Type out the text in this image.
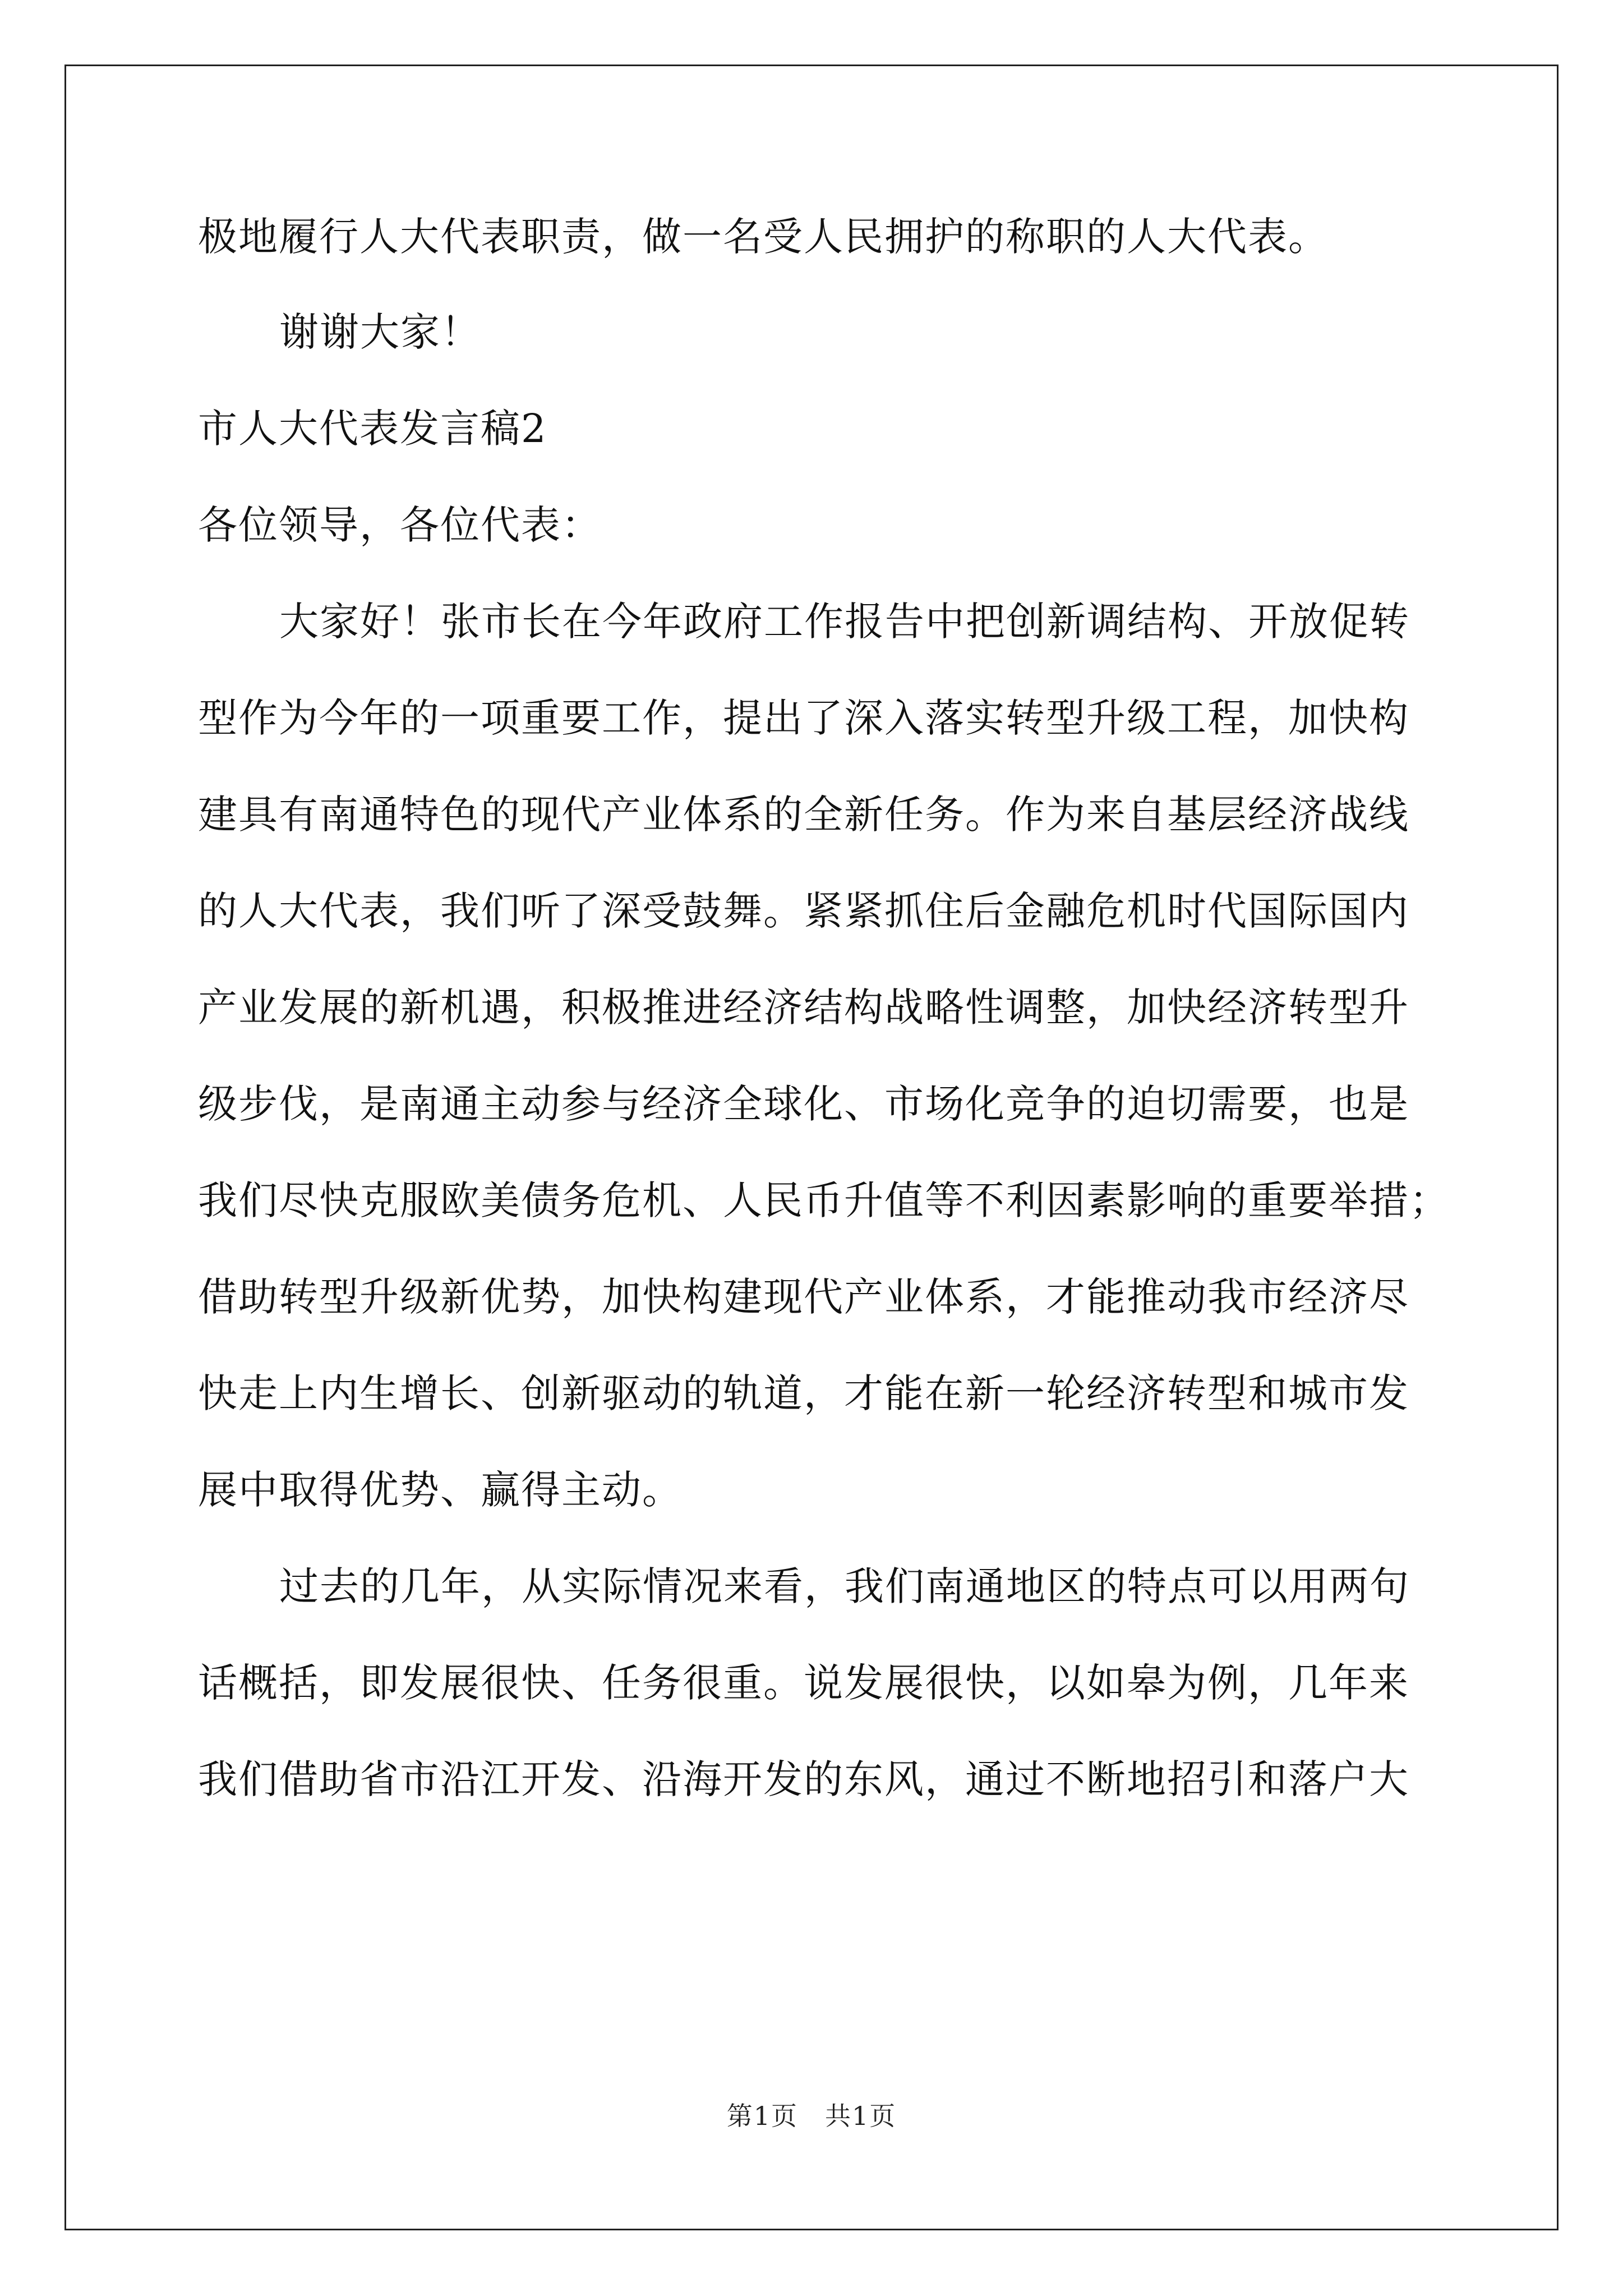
极地履行人大代表职责，做一名受人民拥护的称职的人大代表。
谢谢大家！
市人大代表发言稿2
各位领导，各位代表：
大家好！张市长在今年政府工作报告中把创新调结构、开放促转
型作为今年的一项重要工作，提出了深入落实转型升级工程，加快构
建具有南通特色的现代产业体系的全新任务。作为来自基层经济战线
的人大代表，我们听了深受鼓舞。紧紧抓住后金融危机时代国际国内
产业发展的新机遇，积极推进经济结构战略性调整，加快经济转型升
级步伐，是南通主动参与经济全球化、市场化竞争的迫切需要，也是
我们尽快克服欧美债务危机、人民币升值等不利因素影响的重要举措；
借助转型升级新优势，加快构建现代产业体系，才能推动我市经济尽
快走上内生增长、创新驱动的轨道，才能在新一轮经济转型和城市发
展中取得优势、赢得主动。
过去的几年，从实际情况来看，我们南通地区的特点可以用两句
话概括，即发展很快、任务很重。说发展很快，以如皋为例，几年来
我们借助省市沿江开发、沿海开发的东风，通过不断地招引和落户大
第1页　共1页
